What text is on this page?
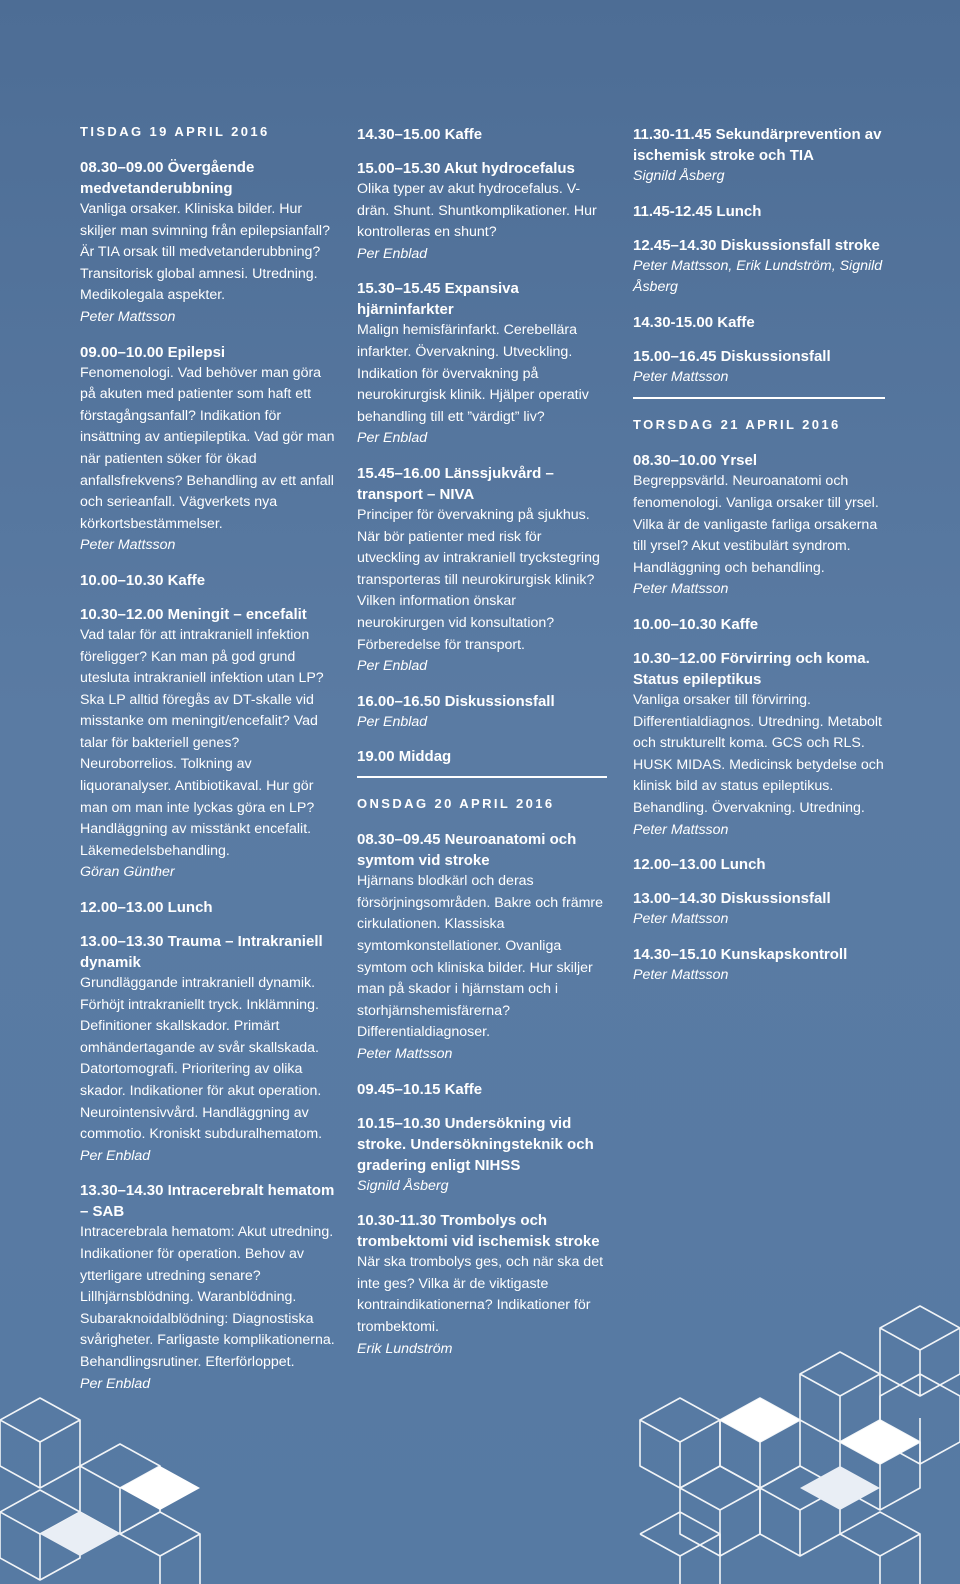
TISDAG 19 APRIL 2016
08.30–09.00 Övergående medvetanderubbning
Vanliga orsaker. Kliniska bilder. Hur skiljer man svimning från epilepsianfall? Är TIA orsak till medvetanderubbning? Transitorisk global amnesi. Utredning. Medikolegala aspekter.
Peter Mattsson
09.00–10.00 Epilepsi
Fenomenologi. Vad behöver man göra på akuten med patienter som haft ett förstagångsanfall? Indikation för insättning av antiepileptika. Vad gör man när patienten söker för ökad anfallsfrekvens? Behandling av ett anfall och serieanfall. Vägverkets nya körkortsbestämmelser.
Peter Mattsson
10.00–10.30 Kaffe
10.30–12.00 Meningit – encefalit
Vad talar för att intrakraniell infektion föreligger? Kan man på god grund utesluta intrakraniell infektion utan LP? Ska LP alltid föregås av DT-skalle vid misstanke om meningit/encefalit? Vad talar för bakteriell genes? Neuroborrelios. Tolkning av liquoranalyser. Antibiotikaval. Hur gör man om man inte lyckas göra en LP? Handläggning av misstänkt encefalit. Läkemedelsbehandling.
Göran Günther
12.00–13.00 Lunch
13.00–13.30 Trauma – Intrakraniell dynamik
Grundläggande intrakraniell dynamik. Förhöjt intrakraniellt tryck. Inklämning. Definitioner skallskador. Primärt omhändertagande av svår skallskada. Datortomografi. Prioritering av olika skador. Indikationer för akut operation. Neurointensivvård. Handläggning av commotio. Kroniskt subduralhematom.
Per Enblad
13.30–14.30 Intracerebralt hematom – SAB
Intracerebrala hematom: Akut utredning. Indikationer för operation. Behov av ytterligare utredning senare? Lillhjärnsblödning. Waranblödning. Subaraknoidalblödning: Diagnostiska svårigheter. Farligaste komplikationerna. Behandlingsrutiner. Efterförloppet.
Per Enblad
14.30–15.00 Kaffe
15.00–15.30 Akut hydrocefalus
Olika typer av akut hydrocefalus. V-drän. Shunt. Shuntkomplikationer. Hur kontrolleras en shunt?
Per Enblad
15.30–15.45 Expansiva hjärninfarkter
Malign hemisfärinfarkt. Cerebellära infarkter. Övervakning. Utveckling. Indikation för övervakning på neurokirurgisk klinik. Hjälper operativ behandling till ett ”värdigt” liv?
Per Enblad
15.45–16.00 Länssjukvård – transport – NIVA
Principer för övervakning på sjukhus. När bör patienter med risk för utveckling av intrakraniell tryckstegring transporteras till neurokirurgisk klinik? Vilken information önskar neurokirurgen vid konsultation? Förberedelse för transport.
Per Enblad
16.00–16.50 Diskussionsfall
Per Enblad
19.00 Middag
ONSDAG 20 APRIL 2016
08.30–09.45 Neuroanatomi och symtom vid stroke
Hjärnans blodkärl och deras försörjningsområden. Bakre och främre cirkulationen. Klassiska symtomkonstellationer. Ovanliga symtom och kliniska bilder. Hur skiljer man på skador i hjärnstam och i storhjärnshemisfärerna? Differentialdiagnoser.
Peter Mattsson
09.45–10.15 Kaffe
10.15–10.30 Undersökning vid stroke. Undersökningsteknik och gradering enligt NIHSS
Signild Åsberg
10.30-11.30 Trombolys och trombektomi vid ischemisk stroke
När ska trombolys ges, och när ska det inte ges? Vilka är de viktigaste kontraindikationerna? Indikationer för trombektomi.
Erik Lundström
11.30-11.45 Sekundärprevention av ischemisk stroke och TIA
Signild Åsberg
11.45-12.45 Lunch
12.45–14.30 Diskussionsfall stroke
Peter Mattsson, Erik Lundström, Signild Åsberg
14.30-15.00 Kaffe
15.00–16.45 Diskussionsfall
Peter Mattsson
TORSDAG 21 APRIL 2016
08.30–10.00 Yrsel
Begreppsvärld. Neuroanatomi och fenomenologi. Vanliga orsaker till yrsel. Vilka är de vanligaste farliga orsakerna till yrsel? Akut vestibulärt syndrom. Handläggning och behandling.
Peter Mattsson
10.00–10.30 Kaffe
10.30–12.00 Förvirring och koma. Status epileptikus
Vanliga orsaker till förvirring. Differentialdiagnos. Utredning. Metabolt och strukturellt koma. GCS och RLS. HUSK MIDAS. Medicinsk betydelse och klinisk bild av status epileptikus. Behandling. Övervakning. Utredning.
Peter Mattsson
12.00–13.00 Lunch
13.00–14.30 Diskussionsfall
Peter Mattsson
14.30–15.10 Kunskapskontroll
Peter Mattsson
